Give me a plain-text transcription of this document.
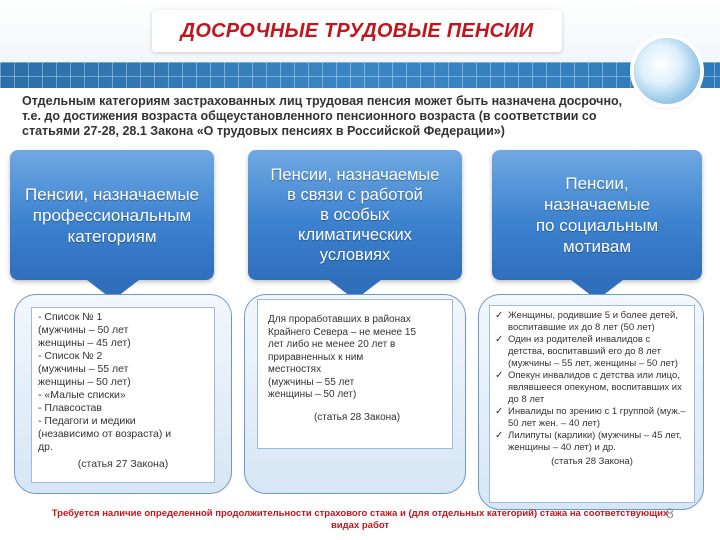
ДОСРОЧНЫЕ ТРУДОВЫЕ ПЕНСИИ
Отдельным категориям застрахованных лиц трудовая пенсия может быть назначена досрочно,
т.е. до достижения возраста общеустановленного пенсионного возраста (в соответствии со
статьями 27-28, 28.1 Закона «О трудовых пенсиях в Российской Федерации»)
Пенсии, назначаемые
профессиональным
категориям
Пенсии, назначаемые
в связи с работой
в особых
климатических
условиях
Пенсии,
назначаемые
по социальным
мотивам
- Список № 1
(мужчины – 50 лет
женщины – 45 лет)
- Список № 2
(мужчины – 55 лет
женщины – 50 лет)
- «Малые списки»
- Плавсостав
- Педагоги и медики
(независимо от возраста) и
др.
(статья 27 Закона)
Для проработавших в районах
Крайнего Севера – не менее 15
лет либо не менее 20 лет в
приравненных к ним
местностях
(мужчины – 55 лет
женщины – 50 лет)
(статья 28 Закона)
✓ Женщины, родившие 5 и более детей, воспитавшие их до 8 лет (50 лет)
✓ Один из родителей инвалидов с детства, воспитавший его до 8 лет (мужчины – 55 лет, женщины – 50 лет)
✓ Опекун инвалидов с детства или лицо, являвшееся опекуном, воспитавших их до 8 лет
✓ Инвалиды по зрению с 1 группой (муж.– 50 лет жен. – 40 лет)
✓ Лилипуты (карлики) (мужчины – 45 лет, женщины – 40 лет) и др.
(статья 28 Закона)
Требуется наличие определенной продолжительности страхового стажа и (для отдельных категорий) стажа на соответствующих видах работ
8
